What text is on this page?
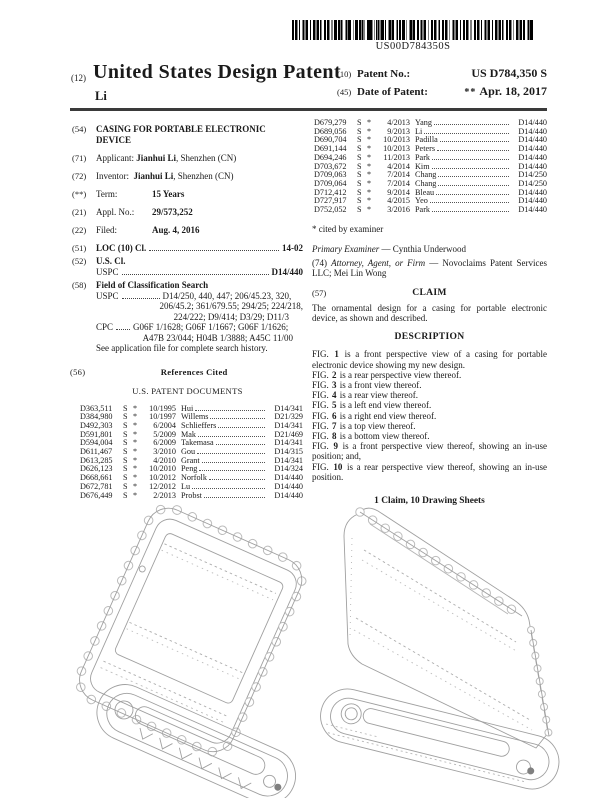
US00D784350S
(12) United States Design Patent
Li
(10) Patent No.:	US D784,350 S
(45) Date of Patent:	** Apr. 18, 2017
(54)	CASING FOR PORTABLE ELECTRONIC DEVICE
(71)	Applicant: Jianhui Li, Shenzhen (CN)
(72)	Inventor: Jianhui Li, Shenzhen (CN)
(**)	Term:	15 Years
(21)	Appl. No.: 29/573,252
(22)	Filed:	Aug. 4, 2016
(51)	LOC (10) Cl.	14-02
(52)	U.S. Cl.
USPC	D14/440
(58)	Field of Classification Search
USPC	D14/250, 440, 447; 206/45.23, 320,
206/45.2; 361/679.55; 294/25; 224/218,
224/222; D9/414; D3/29; D11/3
CPC G06F 1/1628; G06F 1/1667; G06F 1/1626;
A47B 23/044; H04B 1/3888; A45C 11/00
See application file for complete search history.
(56)	References Cited
U.S. PATENT DOCUMENTS
D363,511	S *	10/1995 Hui	D14/341
D384,980	S *	10/1997 Willems	D21/329
D492,303	S *	6/2004 Schlieffers	D14/341
D591,801	S *	5/2009 Mak	D21/469
D594,004	S *	6/2009 Takemasa	D14/341
D611,467	S *	3/2010 Gou	D14/315
D613,285	S *	4/2010 Grant	D14/341
D626,123	S *	10/2010 Peng	D14/324
D668,661	S *	10/2012 Norfolk	D14/440
D672,781	S *	12/2012 Lu	D14/440
D676,449	S *	2/2013 Probst	D14/440
D679,279	S *	4/2013 Yang	D14/440
D689,056	S *	9/2013 Li	D14/440
D690,704	S *	10/2013 Padilla	D14/440
D691,144	S *	10/2013 Peters	D14/440
D694,246	S *	11/2013 Park	D14/440
D703,672	S *	4/2014 Kim	D14/440
D709,063	S *	7/2014 Chang	D14/250
D709,064	S *	7/2014 Chang	D14/250
D712,412	S *	9/2014 Bleau	D14/440
D727,917	S *	4/2015 Yeo	D14/440
D752,052	S *	3/2016 Park	D14/440
* cited by examiner

Primary Examiner — Cynthia Underwood

(74) Attorney, Agent, or Firm — Novoclaims Patent Services LLC; Mei Lin Wong

(57)	CLAIM

The ornamental design for a casing for portable electronic device, as shown and described.

DESCRIPTION

FIG. 1 is a front perspective view of a casing for portable electronic device showing my new design.

FIG. 2 is a rear perspective view thereof.

FIG. 3 is a front view thereof.

FIG. 4 is a rear view thereof.

FIG. 5 is a left end view thereof.

FIG. 6 is a right end view thereof.

FIG. 7 is a top view thereof.

FIG. 8 is a bottom view thereof.

FIG. 9 is a front perspective view thereof, showing an in-use position; and,

FIG. 10 is a rear perspective view thereof, showing an in-use position.

1 Claim, 10 Drawing Sheets
